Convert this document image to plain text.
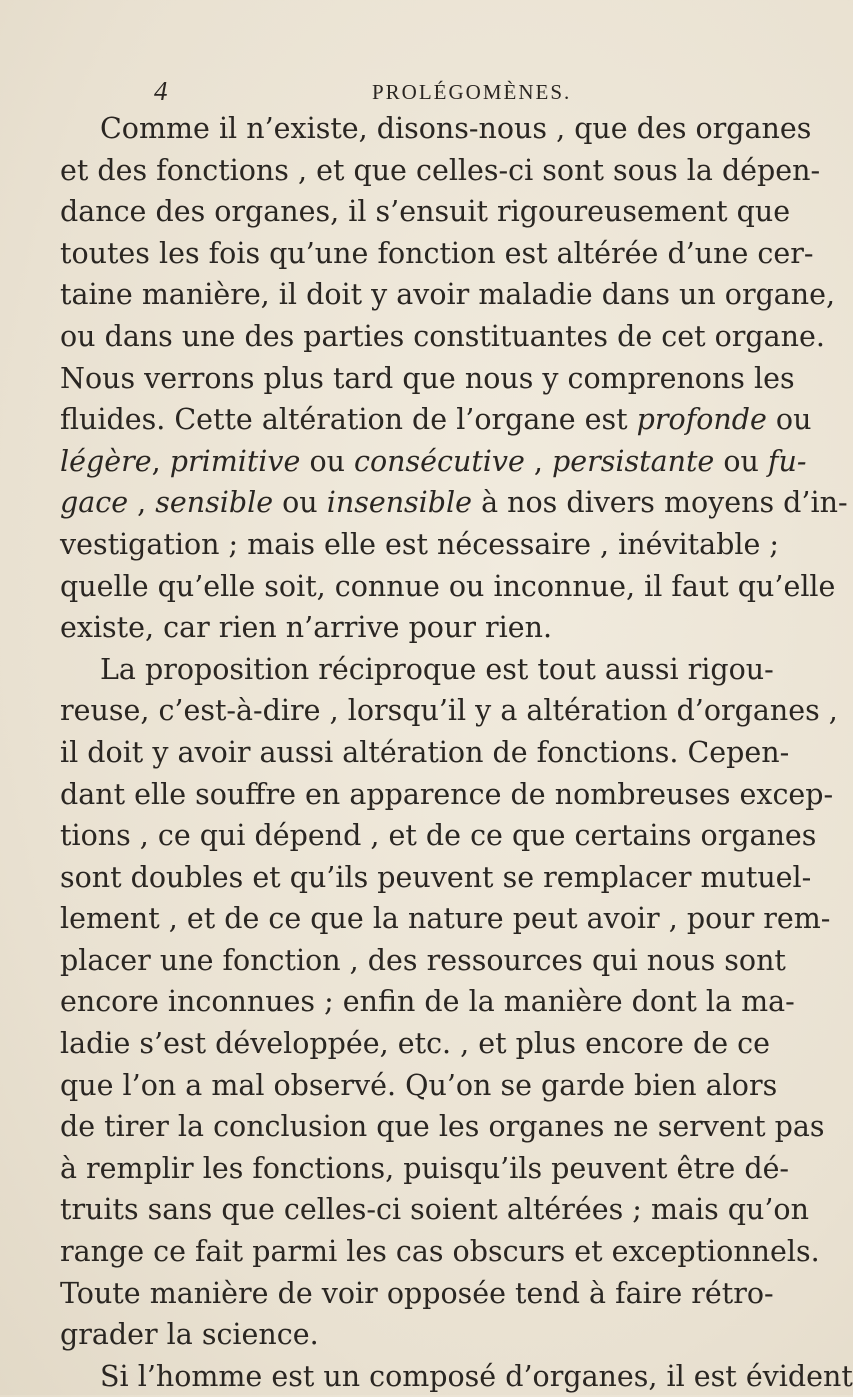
4	PROLÉGOMÈNES.
Comme il n’existe, disons-nous , que des organes
et des fonctions , et que celles-ci sont sous la dépen-
dance des organes, il s’ensuit rigoureusement que
toutes les fois qu’une fonction est altérée d’une cer-
taine manière, il doit y avoir maladie dans un organe,
ou dans une des parties constituantes de cet organe.
Nous verrons plus tard que nous y comprenons les
fluides. Cette altération de l’organe est profonde ou
légère, primitive ou consécutive , persistante ou fu-
gace , sensible ou insensible à nos divers moyens d’in-
vestigation ; mais elle est nécessaire , inévitable ;
quelle qu’elle soit, connue ou inconnue, il faut qu’elle
existe, car rien n’arrive pour rien.
La proposition réciproque est tout aussi rigou-
reuse, c’est-à-dire , lorsqu’il y a altération d’organes ,
il doit y avoir aussi altération de fonctions. Cepen-
dant elle souffre en apparence de nombreuses excep-
tions , ce qui dépend , et de ce que certains organes
sont doubles et qu’ils peuvent se remplacer mutuel-
lement , et de ce que la nature peut avoir , pour rem-
placer une fonction , des ressources qui nous sont
encore inconnues ; enfin de la manière dont la ma-
ladie s’est développée, etc. , et plus encore de ce
que l’on a mal observé. Qu’on se garde bien alors
de tirer la conclusion que les organes ne servent pas
à remplir les fonctions, puisqu’ils peuvent être dé-
truits sans que celles-ci soient altérées ; mais qu’on
range ce fait parmi les cas obscurs et exceptionnels.
Toute manière de voir opposée tend à faire rétro-
grader la science.
Si l’homme est un composé d’organes, il est évident
